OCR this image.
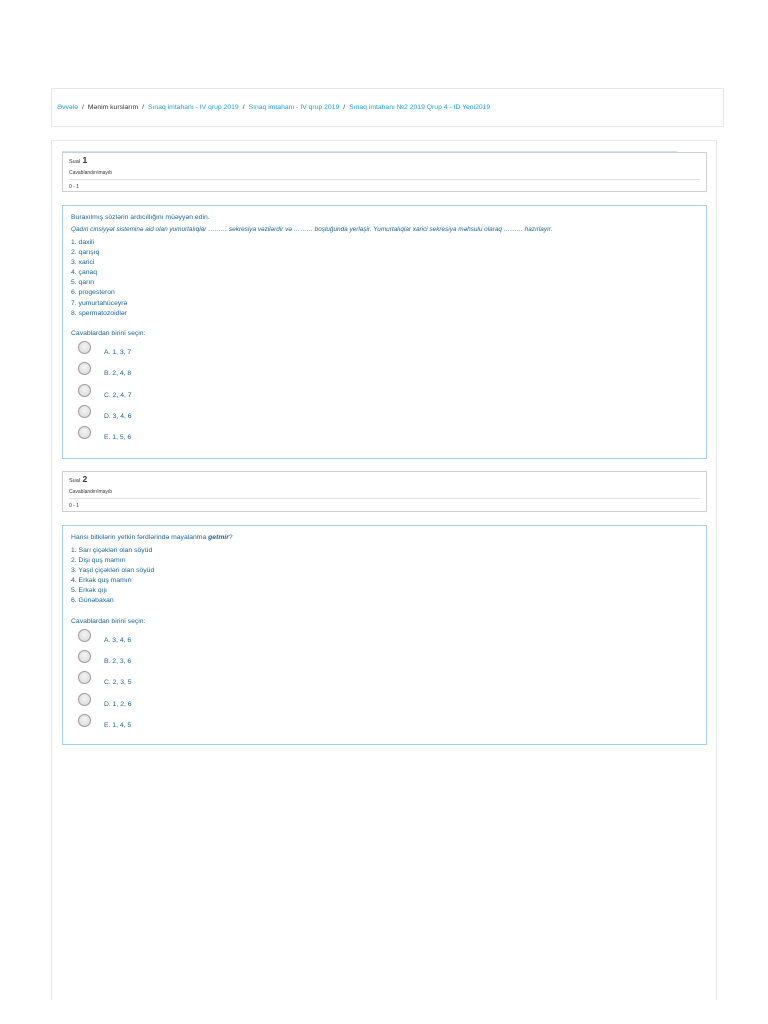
Əvvələ / Mənim kurslarım / Sınaq imtahanı - IV qrup 2019 / Sınaq imtahanı - IV qrup 2019 / Sınaq imtahanı №2 2019 Qrup 4 - ID Yeni2019
Sual 1
Cavablandırılmayıb
0 - 1
Buraxılmış sözlərin ardıcıllığını müəyyən edin.
Qadın cinsiyyət sisteminə aid olan yumurtalıqlar ……… sekresiya vəzilərdir və ……… boşluğunda yerləşir. Yumurtalıqlar xarici sekresiya məhsulu olaraq ……… hazırlayır.
1. daxili
2. qarışıq
3. xarici
4. çanaq
5. qarın
6. progesteron
7. yumurtahüceyrə
8. spermatozoidlər
Cavablardan birini seçin:
A. 1, 3, 7
B. 2, 4, 8
C. 2, 4, 7
D. 3, 4, 6
E. 1, 5, 6
Sual 2
Cavablandırılmayıb
0 - 1
Hansı bitkilərin yetkin fərdlərində mayalanma getmir?
1. Sarı çiçəkləri olan söyüd
2. Dişi quş mamırı
3. Yaşıl çiçəkləri olan söyüd
4. Erkək quş mamırı
5. Erkək qıjı
6. Günəbaxan
Cavablardan birini seçin:
A. 3, 4, 6
B. 2, 3, 6
C. 2, 3, 5
D. 1, 2, 6
E. 1, 4, 5
